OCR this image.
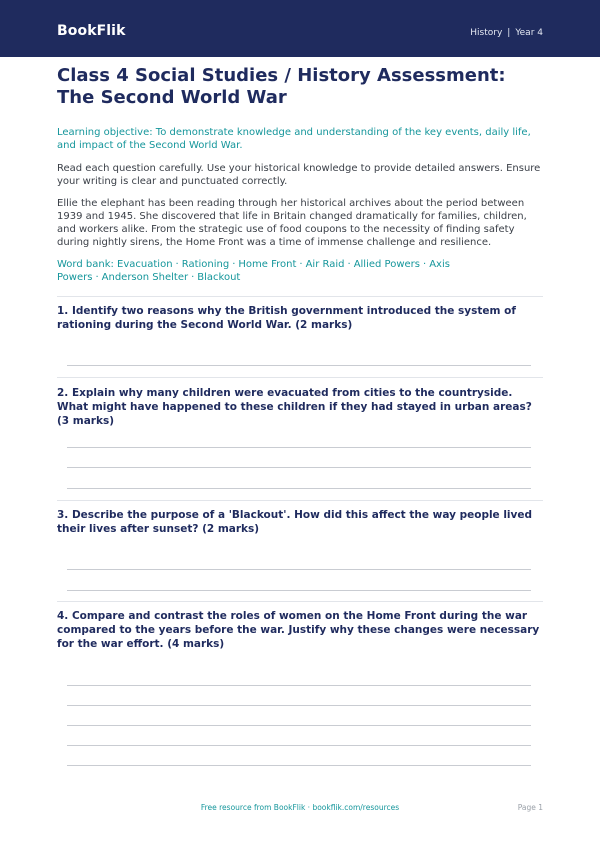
BookFlik	History | Year 4
Class 4 Social Studies / History Assessment: The Second World War

Learning objective: To demonstrate knowledge and understanding of the key events, daily life, and impact of the Second World War.

Read each question carefully. Use your historical knowledge to provide detailed answers. Ensure your writing is clear and punctuated correctly.

Ellie the elephant has been reading through her historical archives about the period between 1939 and 1945. She discovered that life in Britain changed dramatically for families, children, and workers alike. From the strategic use of food coupons to the necessity of finding safety during nightly sirens, the Home Front was a time of immense challenge and resilience.

Word bank: Evacuation · Rationing · Home Front · Air Raid · Allied Powers · Axis Powers · Anderson Shelter · Blackout

1. Identify two reasons why the British government introduced the system of rationing during the Second World War. (2 marks)
2. Explain why many children were evacuated from cities to the countryside. What might have happened to these children if they had stayed in urban areas? (3 marks)
3. Describe the purpose of a 'Blackout'. How did this affect the way people lived their lives after sunset? (2 marks)
4. Compare and contrast the roles of women on the Home Front during the war compared to the years before the war. Justify why these changes were necessary for the war effort. (4 marks)
Free resource from BookFlik · bookflik.com/resources	Page 1
